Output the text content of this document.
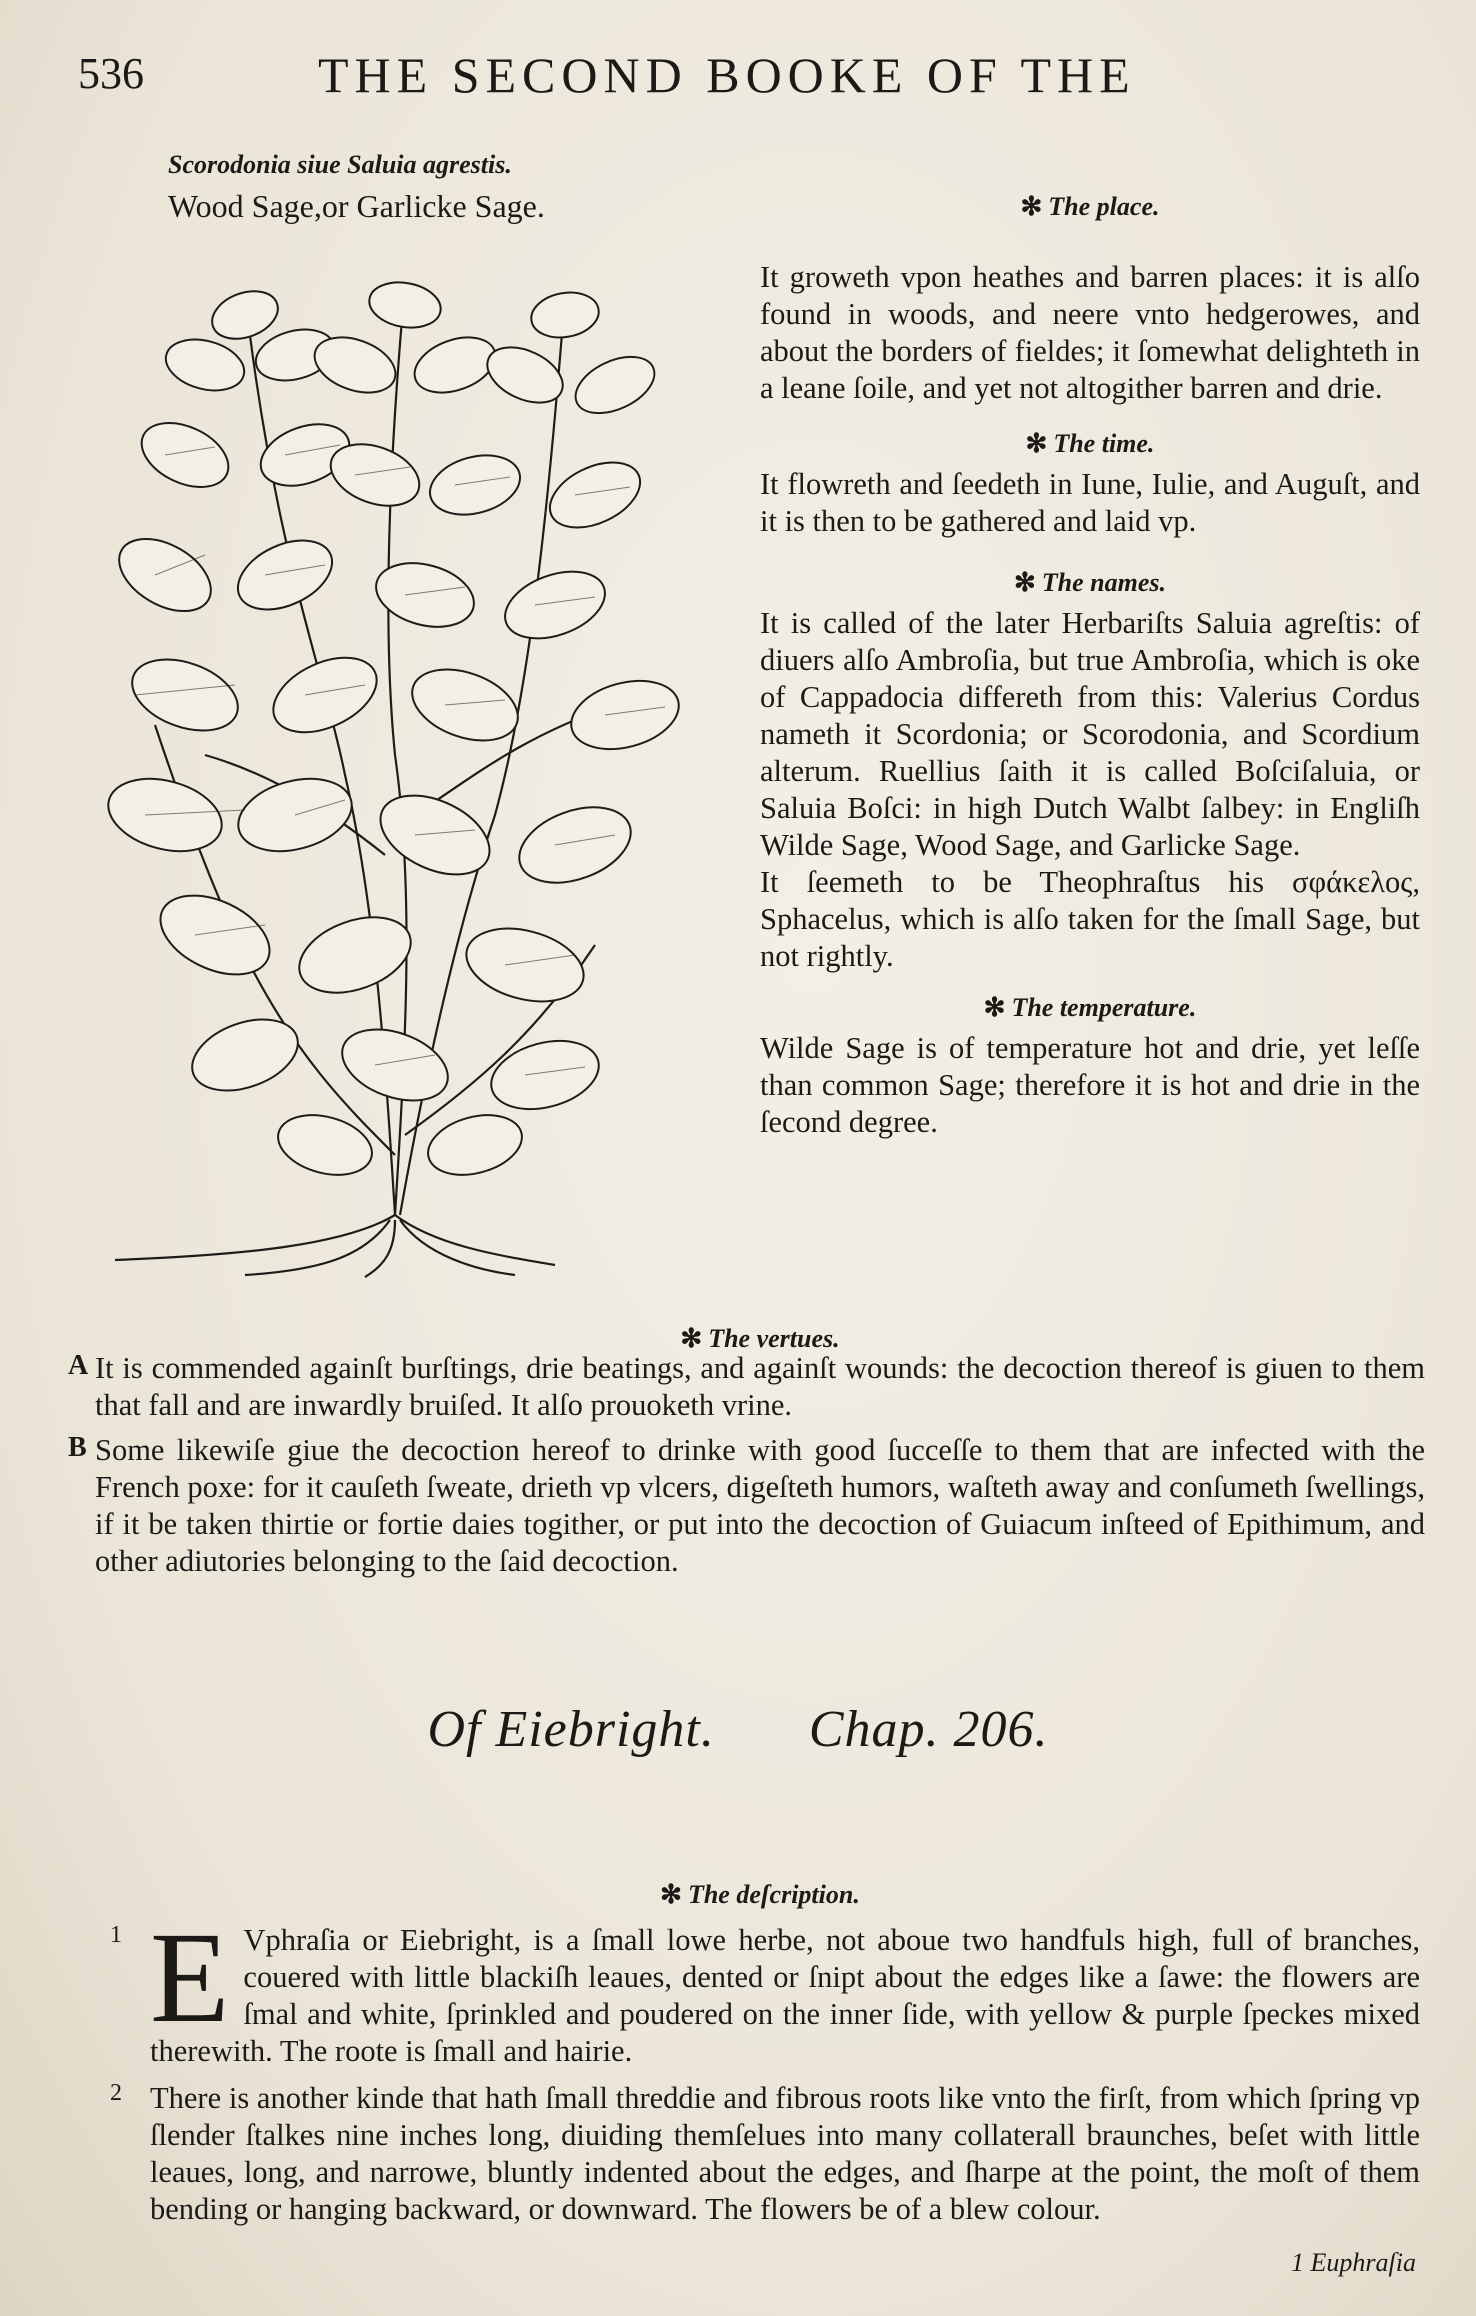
536	THE SECOND BOOKE OF THE
Scorodonia siue Saluia agrestis.
Wood Sage,or Garlicke Sage.	✻ The place.

It groweth vpon heathes and barren places: it is alſo found in woods, and neere vnto hedgerowes, and about the borders of fieldes; it ſomewhat delighteth in a leane ſoile, and yet not altogither barren and drie.

✻ The time.

It flowreth and ſeedeth in Iune, Iulie, and Auguſt, and it is then to be gathered and laid vp.

✻ The names.

It is called of the later Herbariſts Saluia agreſtis: of diuers alſo Ambroſia, but true Ambroſia, which is oke of Cappadocia differeth from this: Valerius Cordus nameth it Scordonia; or Scorodonia, and Scordium alterum. Ruellius ſaith it is called Boſciſaluia, or Saluia Boſci: in high Dutch Walbt ſalbey: in Engliſh Wilde Sage, Wood Sage, and Garlicke Sage.

It ſeemeth to be Theophraſtus his σφάκελος, Sphacelus, which is alſo taken for the ſmall Sage, but not rightly.

✻ The temperature.

Wilde Sage is of temperature hot and drie, yet leſſe than common Sage; therefore it is hot and drie in the ſecond degree.

✻ The vertues.
A It is commended againſt burſtings, drie beatings, and againſt wounds: the decoction thereof is giuen to them that fall and are inwardly bruiſed. It alſo prouoketh vrine.
B Some likewiſe giue the decoction hereof to drinke with good ſucceſſe to them that are infected with the French poxe: for it cauſeth ſweate, drieth vp vlcers, digeſteth humors, waſteth away and conſumeth ſwellings, if it be taken thirtie or fortie daies togither, or put into the decoction of Guiacum inſteed of Epithimum, and other adiutories belonging to the ſaid decoction.
Of Eiebright. Chap. 206.
✻ The deſcription.
1 E Vphraſia or Eiebright, is a ſmall lowe herbe, not aboue two handfuls high, full of branches, couered with little blackiſh leaues, dented or ſnipt about the edges like a ſawe: the flowers are ſmal and white, ſprinkled and poudered on the inner ſide, with yellow & purple ſpeckes mixed therewith. The roote is ſmall and hairie.
2 There is another kinde that hath ſmall threddie and fibrous roots like vnto the firſt, from which ſpring vp ſlender ſtalkes nine inches long, diuiding themſelues into many collaterall braunches, beſet with little leaues, long, and narrowe, bluntly indented about the edges, and ſharpe at the point, the moſt of them bending or hanging backward, or downward. The flowers be of a blew colour.
1 Euphraſia
